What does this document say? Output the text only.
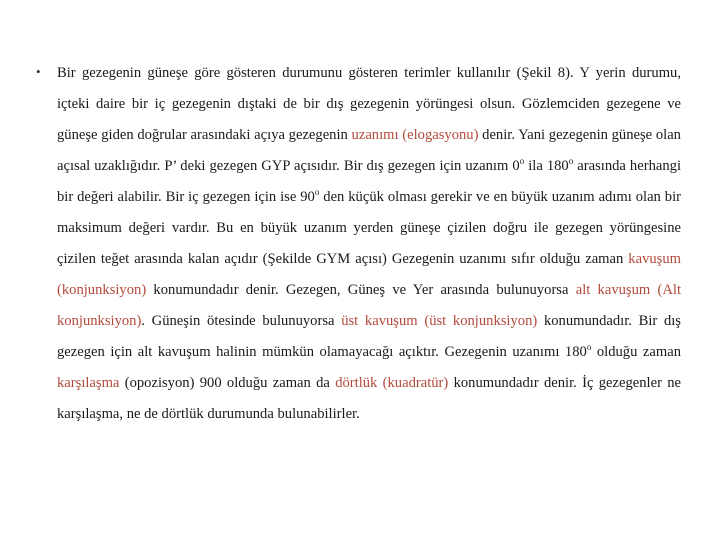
• Bir gezegenin güneşe göre gösteren durumunu gösteren terimler kullanılır (Şekil 8). Y yerin durumu, içteki daire bir iç gezegenin dıştaki de bir dış gezegenin yörüngesi olsun. Gözlemciden gezegene ve güneşe giden doğrular arasındaki açıya gezegenin uzanımı (elogasyonu) denir. Yani gezegenin güneşe olan açısal uzaklığıdır. P’ deki gezegen GYP açısıdır. Bir dış gezegen için uzanım 0$^o$ ila 180$^o$ arasında herhangi bir değeri alabilir. Bir iç gezegen için ise 90$^o$ den küçük olması gerekir ve en büyük uzanım adımı olan bir maksimum değeri vardır. Bu en büyük uzanım yerden güneşe çizilen doğru ile gezegen yörüngesine çizilen teğet arasında kalan açıdır (Şekilde GYM açısı) Gezegenin uzanımı sıfır olduğu zaman kavuşum (konjunksiyon) konumundadır denir. Gezegen, Güneş ve Yer arasında bulunuyorsa alt kavuşum (Alt konjunksiyon). Güneşin ötesinde bulunuyorsa üst kavuşum (üst konjunksiyon) konumundadır. Bir dış gezegen için alt kavuşum halinin mümkün olamayacağı açıktır. Gezegenin uzanımı 180$^o$ olduğu zaman karşılaşma (opozisyon) 900 olduğu zaman da dörtlük (kuadratür) konumundadır denir. İç gezegenler ne karşılaşma, ne de dörtlük durumunda bulunabilirler.
